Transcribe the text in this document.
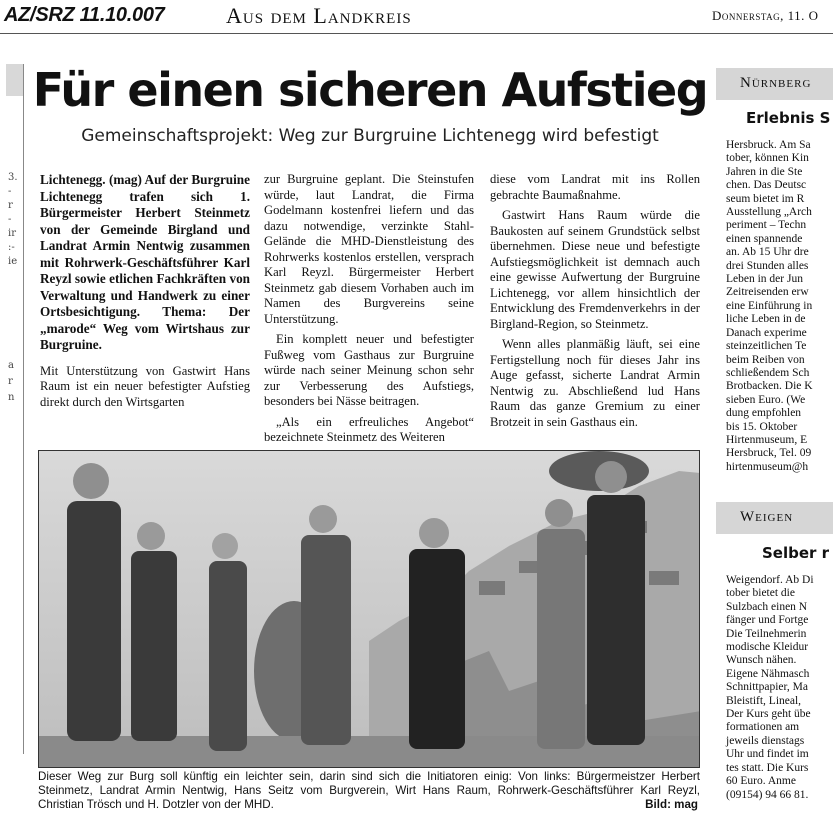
AZ/SRZ 11.10.007	Aus dem Landkreis	Donnerstag, 11. O
3.
-
r
-
ir
:-
ie
a
r
n
Für einen sicheren Aufstieg
Gemeinschaftsprojekt: Weg zur Burgruine Lichtenegg wird befestigt

Lichtenegg. (mag) Auf der Burgruine Lichtenegg trafen sich 1. Bürgermeister Herbert Steinmetz von der Gemeinde Birgland und Landrat Armin Nentwig zusammen mit Rohrwerk-Geschäftsführer Karl Reyzl sowie etlichen Fachkräften von Verwaltung und Handwerk zu einer Ortsbesichtigung. Thema: Der „marode“ Weg vom Wirtshaus zur Burgruine.

Mit Unterstützung von Gastwirt Hans Raum ist ein neuer befestigter Aufstieg direkt durch den Wirtsgarten

zur Burgruine geplant. Die Steinstufen würde, laut Landrat, die Firma Godelmann kostenfrei liefern und das dazu notwendige, verzinkte Stahl-Gelände die MHD-Dienstleistung des Rohrwerks kostenlos erstellen, versprach Karl Reyzl. Bürgermeister Herbert Steinmetz gab diesem Vorhaben auch im Namen des Burgvereins seine Unterstützung.

Ein komplett neuer und befestigter Fußweg vom Gasthaus zur Burgruine würde nach seiner Meinung schon sehr zur Verbesserung des Aufstiegs, besonders bei Nässe beitragen.

„Als ein erfreuliches Angebot“ bezeichnete Steinmetz des Weiteren

diese vom Landrat mit ins Rollen gebrachte Baumaßnahme.

Gastwirt Hans Raum würde die Baukosten auf seinem Grundstück selbst übernehmen. Diese neue und befestigte Aufstiegsmöglichkeit ist demnach auch eine gewisse Aufwertung der Burgruine Lichtenegg, vor allem hinsichtlich der Entwicklung des Fremdenverkehrs in der Birgland-Region, so Steinmetz.

Wenn alles planmäßig läuft, sei eine Fertigstellung noch für dieses Jahr ins Auge gefasst, sicherte Landrat Armin Nentwig zu. Abschließend lud Hans Raum das ganze Gremium zu einer Brotzeit in sein Gasthaus ein.

Dieser Weg zur Burg soll künftig ein leichter sein, darin sind sich die Initiatoren einig: Von links: Bürgermeistzer Herbert Steinmetz, Landrat Armin Nentwig, Hans Seitz vom Burgverein, Wirt Hans Raum, Rohrwerk-Geschäftsführer Karl Reyzl, Christian Trösch und H. Dotzler von der MHD.	Bild: mag
Nürnberg
Erlebnis S
Hersbruck. Am Sa
tober, können Kin
Jahren in die Ste
chen. Das Deutsc
seum bietet im R
Ausstellung „Arch
periment – Techn
einen spannende
an. Ab 15 Uhr dre
drei Stunden alles
Leben in der Jun
Zeitreisenden erw
eine Einführung in
liche Leben in de
Danach experime
steinzeitlichen Te
beim Reiben von
schließendem Sch
Brotbacken. Die K
sieben Euro. (We
dung empfohlen
bis 15. Oktober
Hirtenmuseum, E
Hersbruck, Tel. 09
hirtenmuseum@h
Weigen
Selber r
Weigendorf. Ab Di
tober bietet die
Sulzbach einen N
fänger und Fortge
Die Teilnehmerin
modische Kleidur
Wunsch nähen.
Eigene Nähmasch
Schnittpapier, Ma
Bleistift, Lineal,
Der Kurs geht übe
formationen am
jeweils dienstags
Uhr und findet im
tes statt. Die Kurs
60 Euro. Anme
(09154) 94 66 81.
